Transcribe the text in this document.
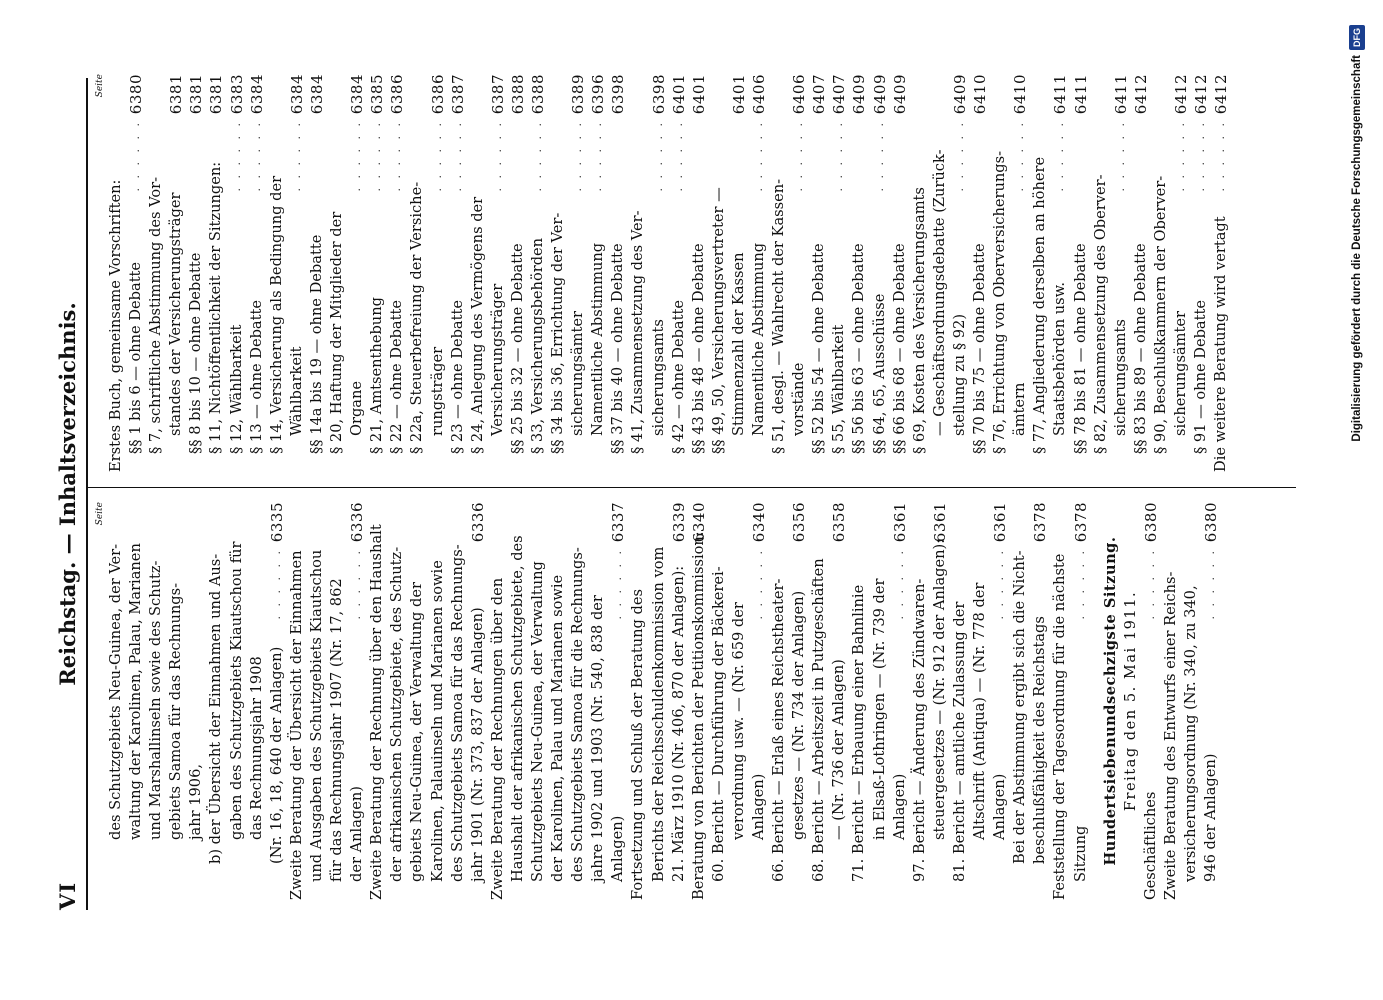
VI
Reichstag. — Inhaltsverzeichnis.	Seite
des Schutzgebiets Neu-Guinea, der Ver- waltung der Karolinen, Palau, Marianen und Marshallinseln sowie des Schutz- gebiets Samoa für das Rechnungs- jahr 1906, b) der Übersicht der Einnahmen und Aus- gaben des Schutzgebiets Kiautschou für das Rechnungsjahr 1908 (Nr. 16, 18, 640 der Anlagen)
. . . . . .
6335
Zweite Beratung der Übersicht der Einnahmen und Ausgaben des Schutzgebiets Kiautschou für das Rechnungsjahr 1907 (Nr. 17, 862 der Anlagen)
. . . . . .
6336
Zweite Beratung der Rechnung über den Haushalt der afrikanischen Schutzgebiete, des Schutz- gebiets Neu-Guinea, der Verwaltung der Karolinen, Palauinseln und Marianen sowie des Schutzgebiets Samoa für das Rechnungs- jahr 1901 (Nr. 373, 837 der Anlagen)
6336
Zweite Beratung der Rechnungen über den Haushalt der afrikanischen Schutzgebiete, des Schutzgebiets Neu-Guinea, der Verwaltung der Karolinen, Palau und Marianen sowie des Schutzgebiets Samoa für die Rechnungs- jahre 1902 und 1903 (Nr. 540, 838 der Anlagen)
. . . . . .
6337
Fortsetzung und Schluß der Beratung des Berichts der Reichsschuldenkommission vom 21. März 1910 (Nr. 406, 870 der Anlagen):
6339
Beratung von Berichten der Petitionskommission:
6340
60. Bericht — Durchführung der Bäckerei- verordnung usw. — (Nr. 659 der Anlagen)
. . . . . .
6340
66. Bericht — Erlaß eines Reichstheater- gesetzes — (Nr. 734 der Anlagen)
6356
68. Bericht — Arbeitszeit in Putzgeschäften — (Nr. 736 der Anlagen)
6358
71. Bericht — Erbauung einer Bahnlinie in Elsaß-Lothringen — (Nr. 739 der Anlagen)
. . . . . .
6361
97. Bericht — Änderung des Zündwaren- steuergesetzes — (Nr. 912 der Anlagen):
6361
81. Bericht — amtliche Zulassung der Altschrift (Antiqua) — (Nr. 778 der Anlagen)
. . . . . .
6361
Bei der Abstimmung ergibt sich die Nicht- beschlußfähigkeit des Reichstags
6378
Feststellung der Tagesordnung für die nächste Sitzung
. . . . . .
6378
Hundertsiebenundsechzigste Sitzung. Freitag den 5. Mai 1911.
Geschäftliches
. . . . . .
6380
Zweite Beratung des Entwurfs einer Reichs- versicherungsordnung (Nr. 340, zu 340, 946 der Anlagen)
. . . . . .
6380
Seite
Erstes Buch, gemeinsame Vorschriften: §§ 1 bis 6 — ohne Debatte
. . . . . .
6380
§ 7, schriftliche Abstimmung des Vor- standes der Versicherungsträger
6381
§§ 8 bis 10 — ohne Debatte
6381
§ 11, Nichtöffentlichkeit der Sitzungen:
6381
§ 12, Wählbarkeit
. . . . . .
6383
§ 13 — ohne Debatte
. . . . . .
6384
§ 14, Versicherung als Bedingung der Wählbarkeit
. . . . . .
6384
§§ 14a bis 19 — ohne Debatte
6384
§ 20, Haftung der Mitglieder der Organe
. . . . . .
6384
§ 21, Amtsenthebung
. . . . . .
6385
§ 22 — ohne Debatte
. . . . . .
6386
§ 22a, Steuerbefreiung der Versiche- rungsträger
. . . . . .
6386
§ 23 — ohne Debatte
. . . . . .
6387
§ 24, Anlegung des Vermögens der Versicherungsträger
. . . . . .
6387
§§ 25 bis 32 — ohne Debatte
6388
§ 33, Versicherungsbehörden
. . . . . .
6388
§§ 34 bis 36, Errichtung der Ver- sicherungsämter
. . . . . .
6389
Namentliche Abstimmung
. . . . . .
6396
§§ 37 bis 40 — ohne Debatte
6398
§ 41, Zusammensetzung des Ver- sicherungsamts
. . . . . .
6398
§ 42 — ohne Debatte
. . . . . .
6401
§§ 43 bis 48 — ohne Debatte
6401
§§ 49, 50, Versicherungsvertreter — Stimmenzahl der Kassen
6401
Namentliche Abstimmung
. . . . . .
6406
§ 51, desgl. — Wahlrecht der Kassen- vorstände
. . . . . .
6406
§§ 52 bis 54 — ohne Debatte
6407
§ 55, Wählbarkeit
. . . . . .
6407
§§ 56 bis 63 — ohne Debatte
6409
§§ 64, 65, Ausschüsse
. . . . . .
6409
§§ 66 bis 68 — ohne Debatte
6409
§ 69, Kosten des Versicherungsamts — Geschäftsordnungsdebatte (Zurück- stellung zu § 92)
. . . . . .
6409
§§ 70 bis 75 — ohne Debatte
6410
§ 76, Errichtung von Oberversicherungs- ämtern
. . . . . .
6410
§ 77, Angliederung derselben an höhere Staatsbehörden usw.
. . . . . .
6411
§§ 78 bis 81 — ohne Debatte
6411
§ 82, Zusammensetzung des Oberver- sicherungsamts
. . . . . .
6411
§§ 83 bis 89 — ohne Debatte
6412
§ 90, Beschlußkammern der Oberver- sicherungsämter
. . . . . .
6412
§ 91 — ohne Debatte
. . . . . .
6412
Die weitere Beratung wird vertagt
. . . . . .
6412	Digitalisierung gefördert durch die Deutsche Forschungsgemeinschaft
DFG
